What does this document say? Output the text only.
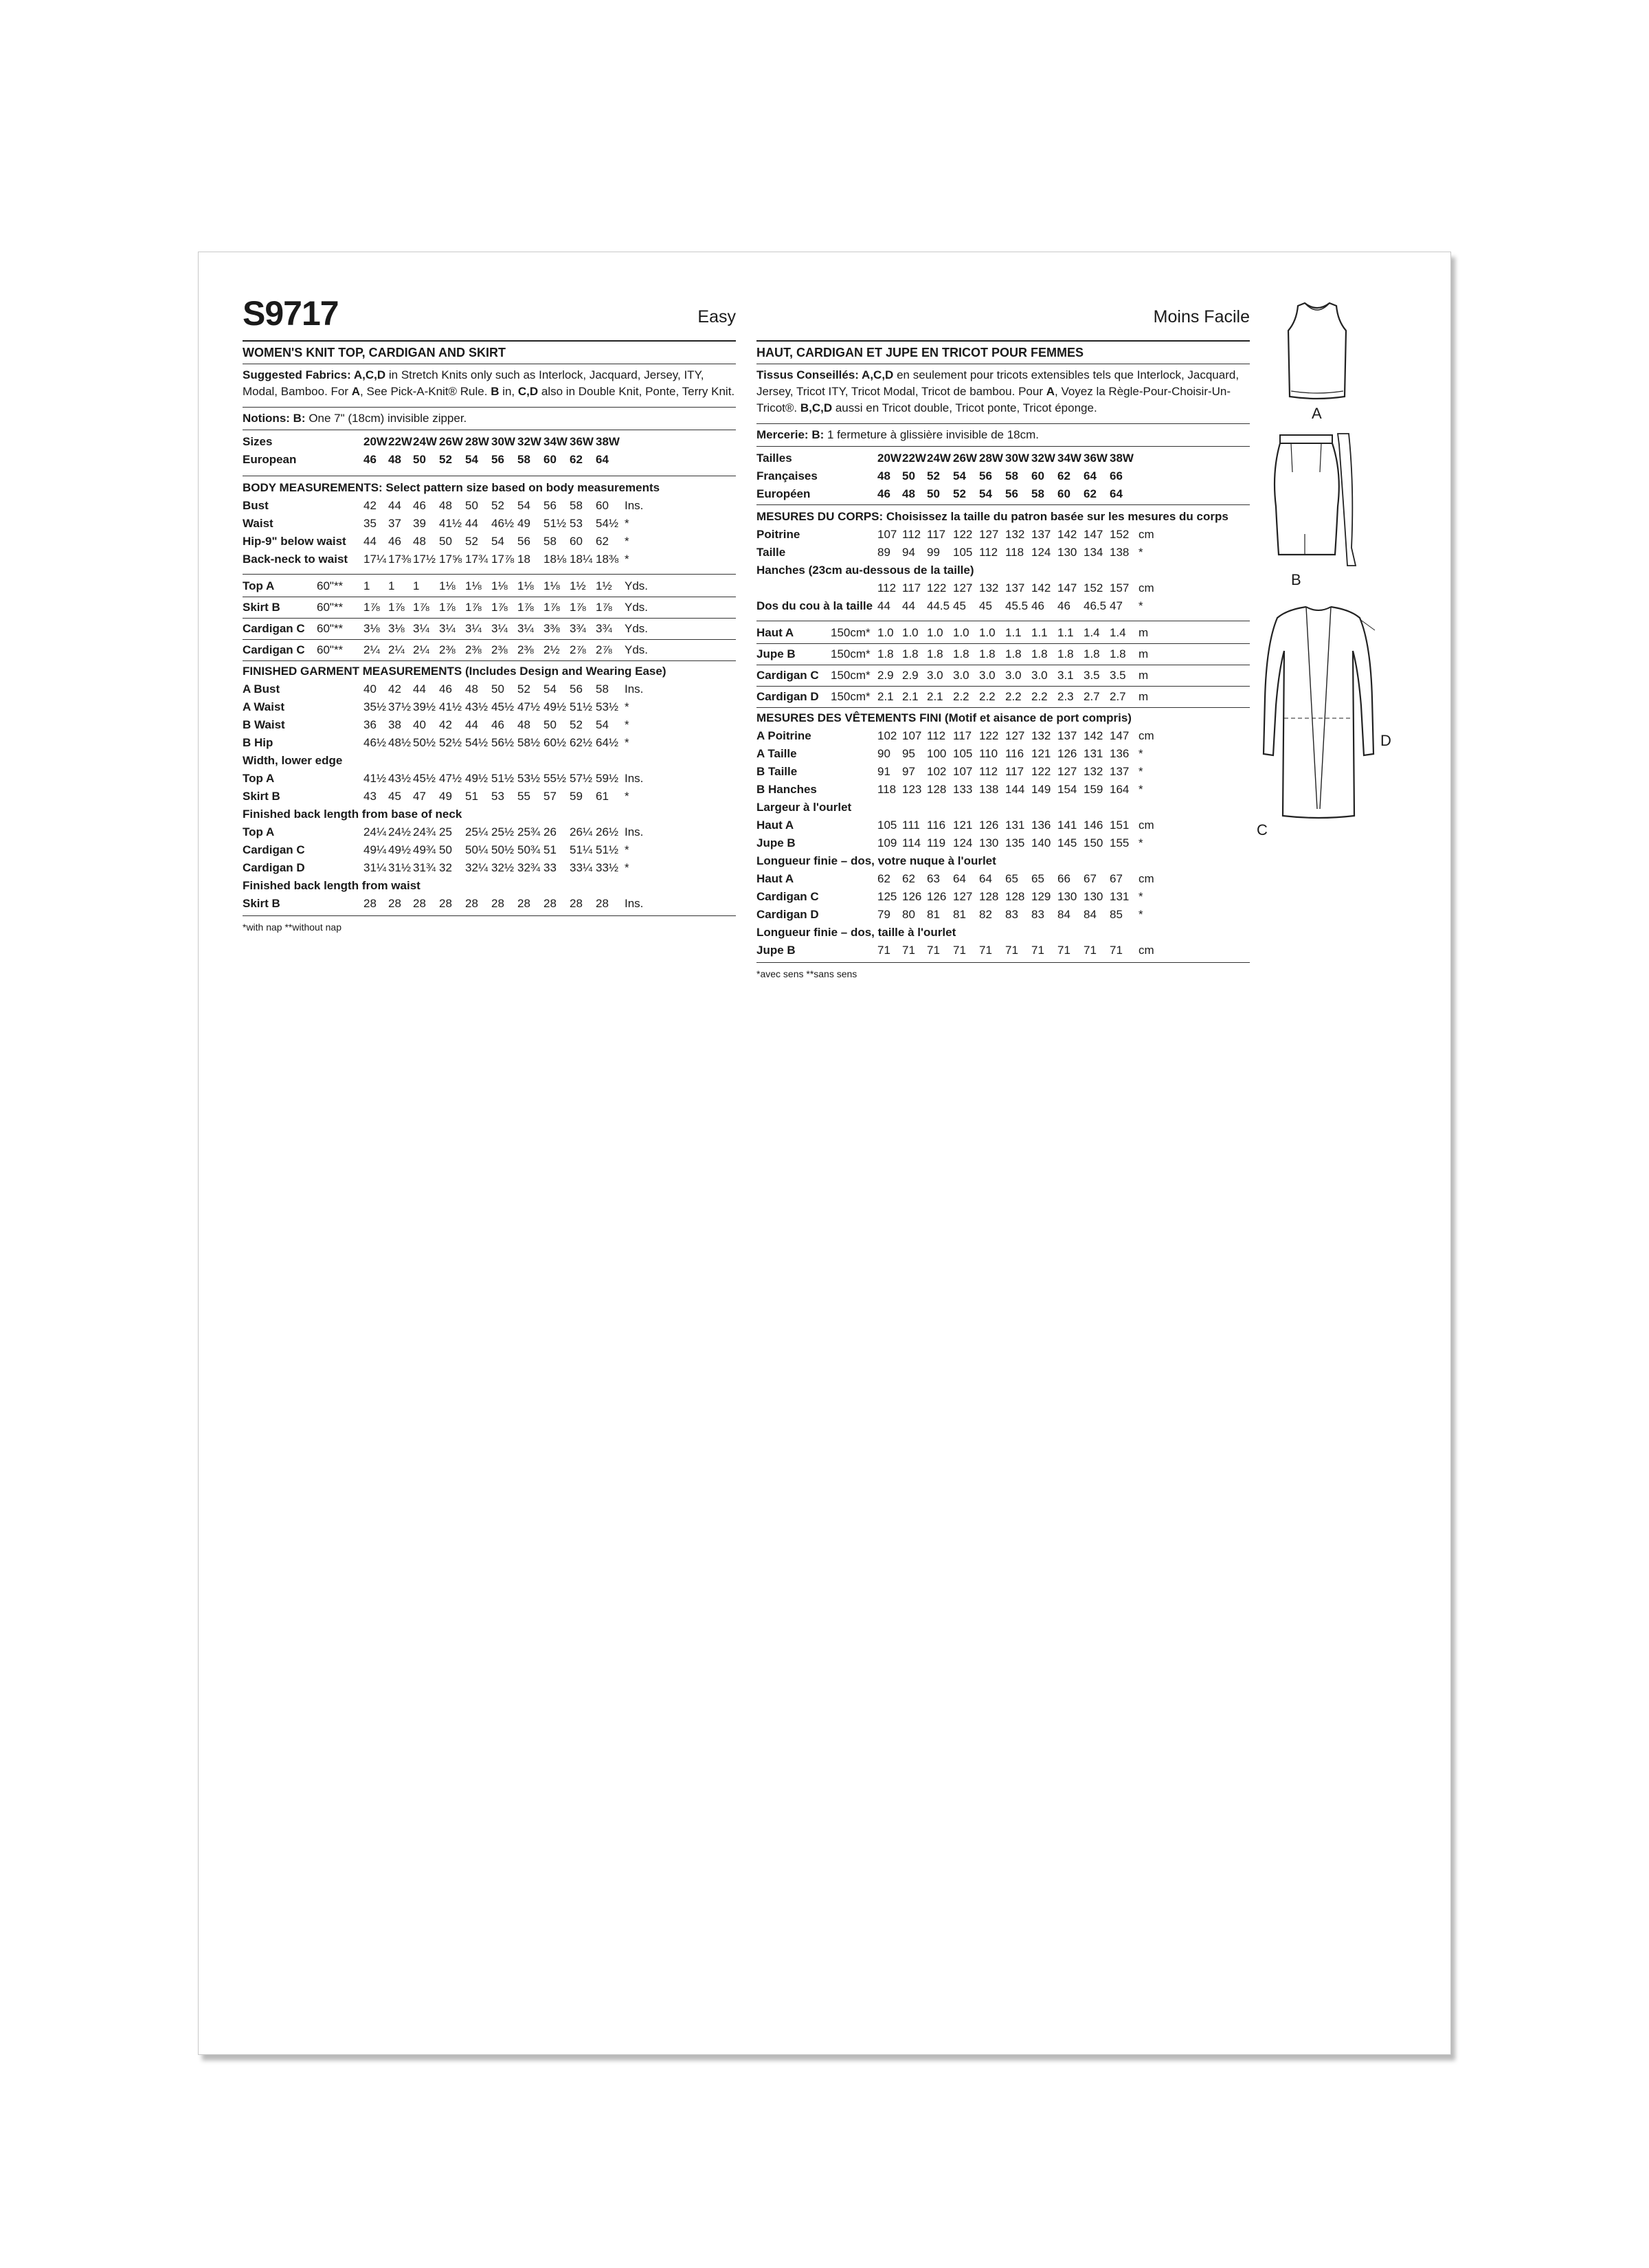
S9717	Easy
WOMEN'S KNIT TOP, CARDIGAN AND SKIRT
Suggested Fabrics: A,C,D in Stretch Knits only such as Interlock, Jacquard, Jersey, ITY, Modal, Bamboo. For A, See Pick-A-Knit® Rule. B in, C,D also in Double Knit, Ponte, Terry Knit.
Notions: B: One 7" (18cm) invisible zipper.
Sizes	20W 22W 24W 26W 28W 30W 32W 34W 36W 38W
European	46 48 50 52 54 56 58 60 62 64
BODY MEASUREMENTS: Select pattern size based on body measurements
Bust	42 44 46 48 50 52 54 56 58 60 Ins.
Waist	35 37 39 41½ 44 46½ 49 51½ 53 54½ *
Hip-9" below waist 44 46 48 50 52 54 56 58 60 62 *
Back-neck to waist 17¼ 17⅜ 17½ 17⅝ 17¾ 17⅞ 18 18⅛ 18¼ 18⅜ *
Top A	60"** 1 1 1 1⅛ 1⅛ 1⅛ 1⅛ 1⅛ 1½ 1½ Yds.
Skirt B	60"** 1⅞ 1⅞ 1⅞ 1⅞ 1⅞ 1⅞ 1⅞ 1⅞ 1⅞ 1⅞ Yds.
Cardigan C 60"** 3⅛ 3⅛ 3¼ 3¼ 3¼ 3¼ 3¼ 3⅜ 3¾ 3¾ Yds.
Cardigan C 60"** 2¼ 2¼ 2¼ 2⅜ 2⅜ 2⅜ 2⅜ 2½ 2⅞ 2⅞ Yds.
FINISHED GARMENT MEASUREMENTS (Includes Design and Wearing Ease)
A Bust	40 42 44 46 48 50 52 54 56 58 Ins.
A Waist	35½ 37½ 39½ 41½ 43½ 45½ 47½ 49½ 51½ 53½ *
B Waist	36 38 40 42 44 46 48 50 52 54 *
B Hip	46½ 48½ 50½ 52½ 54½ 56½ 58½ 60½ 62½ 64½ *
Width, lower edge
Top A	41½ 43½ 45½ 47½ 49½ 51½ 53½ 55½ 57½ 59½ Ins.
Skirt B	43 45 47 49 51 53 55 57 59 61 *
Finished back length from base of neck
Top A	24¼ 24½ 24¾ 25 25¼ 25½ 25¾ 26 26¼ 26½ Ins.
Cardigan C	49¼ 49½ 49¾ 50 50¼ 50½ 50¾ 51 51¼ 51½ *
Cardigan D	31¼ 31½ 31¾ 32 32¼ 32½ 32¾ 33 33¼ 33½ *
Finished back length from waist
Skirt B	28 28 28 28 28 28 28 28 28 28 Ins.
*with nap **without nap
Moins Facile
HAUT, CARDIGAN ET JUPE EN TRICOT POUR FEMMES
Tissus Conseillés: A,C,D en seulement pour tricots extensibles tels que Interlock, Jacquard, Jersey, Tricot ITY, Tricot Modal, Tricot de bambou. Pour A, Voyez la Règle-Pour-Choisir-Un-Tricot®. B,C,D aussi en Tricot double, Tricot ponte, Tricot éponge.
Mercerie: B: 1 fermeture à glissière invisible de 18cm.
Tailles	20W 22W 24W 26W 28W 30W 32W 34W 36W 38W
Françaises	48 50 52 54 56 58 60 62 64 66
Européen	46 48 50 52 54 56 58 60 62 64
MESURES DU CORPS: Choisissez la taille du patron basée sur les mesures du corps
Poitrine	107 112 117 122 127 132 137 142 147 152 cm
Taille	89 94 99 105 112 118 124 130 134 138 *
Hanches (23cm au-dessous de la taille)
112 117 122 127 132 137 142 147 152 157 cm
Dos du cou à la taille 44 44 44.5 45 45 45.5 46 46 46.5 47 *
Haut A	150cm* 1.0 1.0 1.0 1.0 1.0 1.1 1.1 1.1 1.4 1.4 m
Jupe B	150cm* 1.8 1.8 1.8 1.8 1.8 1.8 1.8 1.8 1.8 1.8 m
Cardigan C 150cm* 2.9 2.9 3.0 3.0 3.0 3.0 3.0 3.1 3.5 3.5 m
Cardigan D 150cm* 2.1 2.1 2.1 2.2 2.2 2.2 2.2 2.3 2.7 2.7 m
MESURES DES VÊTEMENTS FINI (Motif et aisance de port compris)
A Poitrine	102 107 112 117 122 127 132 137 142 147 cm
A Taille	90 95 100 105 110 116 121 126 131 136 *
B Taille	91 97 102 107 112 117 122 127 132 137 *
B Hanches	118 123 128 133 138 144 149 154 159 164 *
Largeur à l'ourlet
Haut A	105 111 116 121 126 131 136 141 146 151 cm
Jupe B	109 114 119 124 130 135 140 145 150 155 *
Longueur finie – dos, votre nuque à l'ourlet
Haut A	62 62 63 64 64 65 65 66 67 67 cm
Cardigan C	125 126 126 127 128 128 129 130 130 131 *
Cardigan D	79 80 81 81 82 83 83 84 84 85 *
Longueur finie – dos, taille à l'ourlet
Jupe B	71 71 71 71 71 71 71 71 71 71 cm
*avec sens **sans sens
A
B
D
C
